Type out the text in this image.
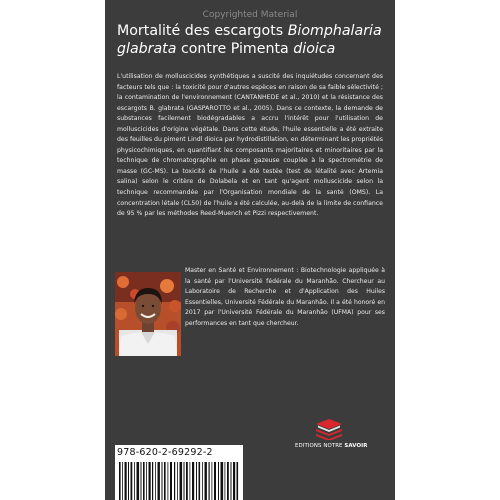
Copyrighted Material
Mortalité des escargots Biomphalaria
glabrata contre Pimenta dioica

L'utilisation de molluscicides synthétiques a suscité des inquiétudes concernant des facteurs tels que : la toxicité pour d'autres espèces en raison de sa faible sélectivité ; la contamination de l'environnement (CANTANHEDE et al., 2010) et la résistance des escargots B. glabrata (GASPAROTTO et al., 2005). Dans ce contexte, la demande de substances facilement biodégradables a accru l'intérêt pour l'utilisation de molluscicides d'origine végétale. Dans cette étude, l'huile essentielle a été extraite des feuilles du piment Lindl dioica par hydrodistillation, en déterminant les propriétés physicochimiques, en quantifiant les composants majoritaires et minoritaires par la technique de chromatographie en phase gazeuse couplée à la spectrométrie de masse (GC-MS). La toxicité de l'huile a été testée (test de létalité avec Artemia salina) selon le critère de Dolabela et en tant qu'agent molluscicide selon la technique recommandée par l'Organisation mondiale de la santé (OMS). La concentration létale (CL50) de l'huile a été calculée, au-delà de la limite de confiance de 95 % par les méthodes Reed-Muench et Pizzi respectivement.

Master en Santé et Environnement : Biotechnologie appliquée à la santé par l'Université fédérale du Maranhão. Chercheur au Laboratoire de Recherche et d'Application des Huiles Essentielles, Université Fédérale du Maranhão. Il a été honoré en 2017 par l'Université Fédérale du Maranhão (UFMA) pour ses performances en tant que chercheur.

EDITIONS NOTRE SAVOIR
978-620-2-69292-2
